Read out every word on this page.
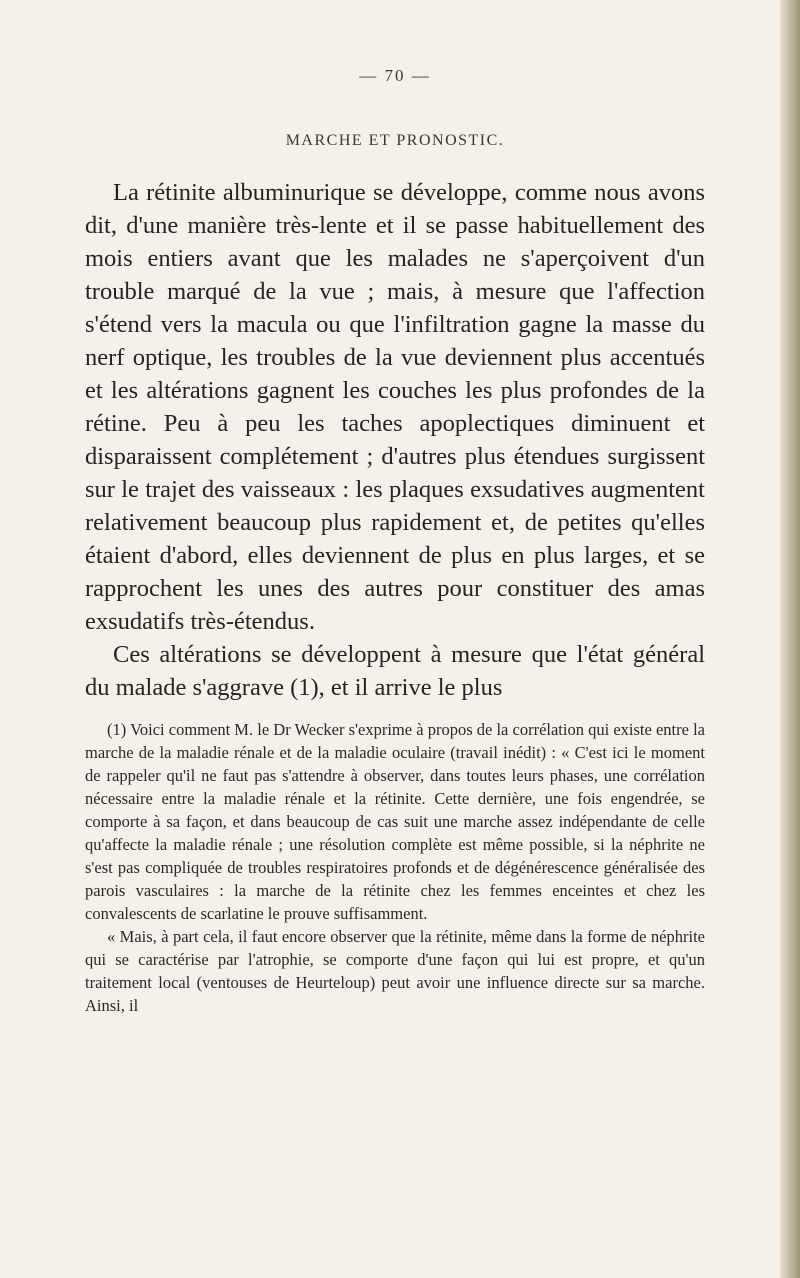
— 70 —
MARCHE ET PRONOSTIC.

La rétinite albuminurique se développe, comme nous avons dit, d'une manière très-lente et il se passe habituellement des mois entiers avant que les malades ne s'aperçoivent d'un trouble marqué de la vue ; mais, à mesure que l'affection s'étend vers la macula ou que l'infiltration gagne la masse du nerf optique, les troubles de la vue deviennent plus accentués et les altérations gagnent les couches les plus profondes de la rétine. Peu à peu les taches apoplectiques diminuent et disparaissent complétement ; d'autres plus étendues surgissent sur le trajet des vaisseaux : les plaques exsudatives augmentent relativement beaucoup plus rapidement et, de petites qu'elles étaient d'abord, elles deviennent de plus en plus larges, et se rapprochent les unes des autres pour constituer des amas exsudatifs très-étendus.

Ces altérations se développent à mesure que l'état général du malade s'aggrave (1), et il arrive le plus

(1) Voici comment M. le Dr Wecker s'exprime à propos de la corrélation qui existe entre la marche de la maladie rénale et de la maladie oculaire (travail inédit) : « C'est ici le moment de rappeler qu'il ne faut pas s'attendre à observer, dans toutes leurs phases, une corrélation nécessaire entre la maladie rénale et la rétinite. Cette dernière, une fois engendrée, se comporte à sa façon, et dans beaucoup de cas suit une marche assez indépendante de celle qu'affecte la maladie rénale ; une résolution complète est même possible, si la néphrite ne s'est pas compliquée de troubles respiratoires profonds et de dégénérescence généralisée des parois vasculaires : la marche de la rétinite chez les femmes enceintes et chez les convalescents de scarlatine le prouve suffisamment.

« Mais, à part cela, il faut encore observer que la rétinite, même dans la forme de néphrite qui se caractérise par l'atrophie, se comporte d'une façon qui lui est propre, et qu'un traitement local (ventouses de Heurteloup) peut avoir une influence directe sur sa marche. Ainsi, il
